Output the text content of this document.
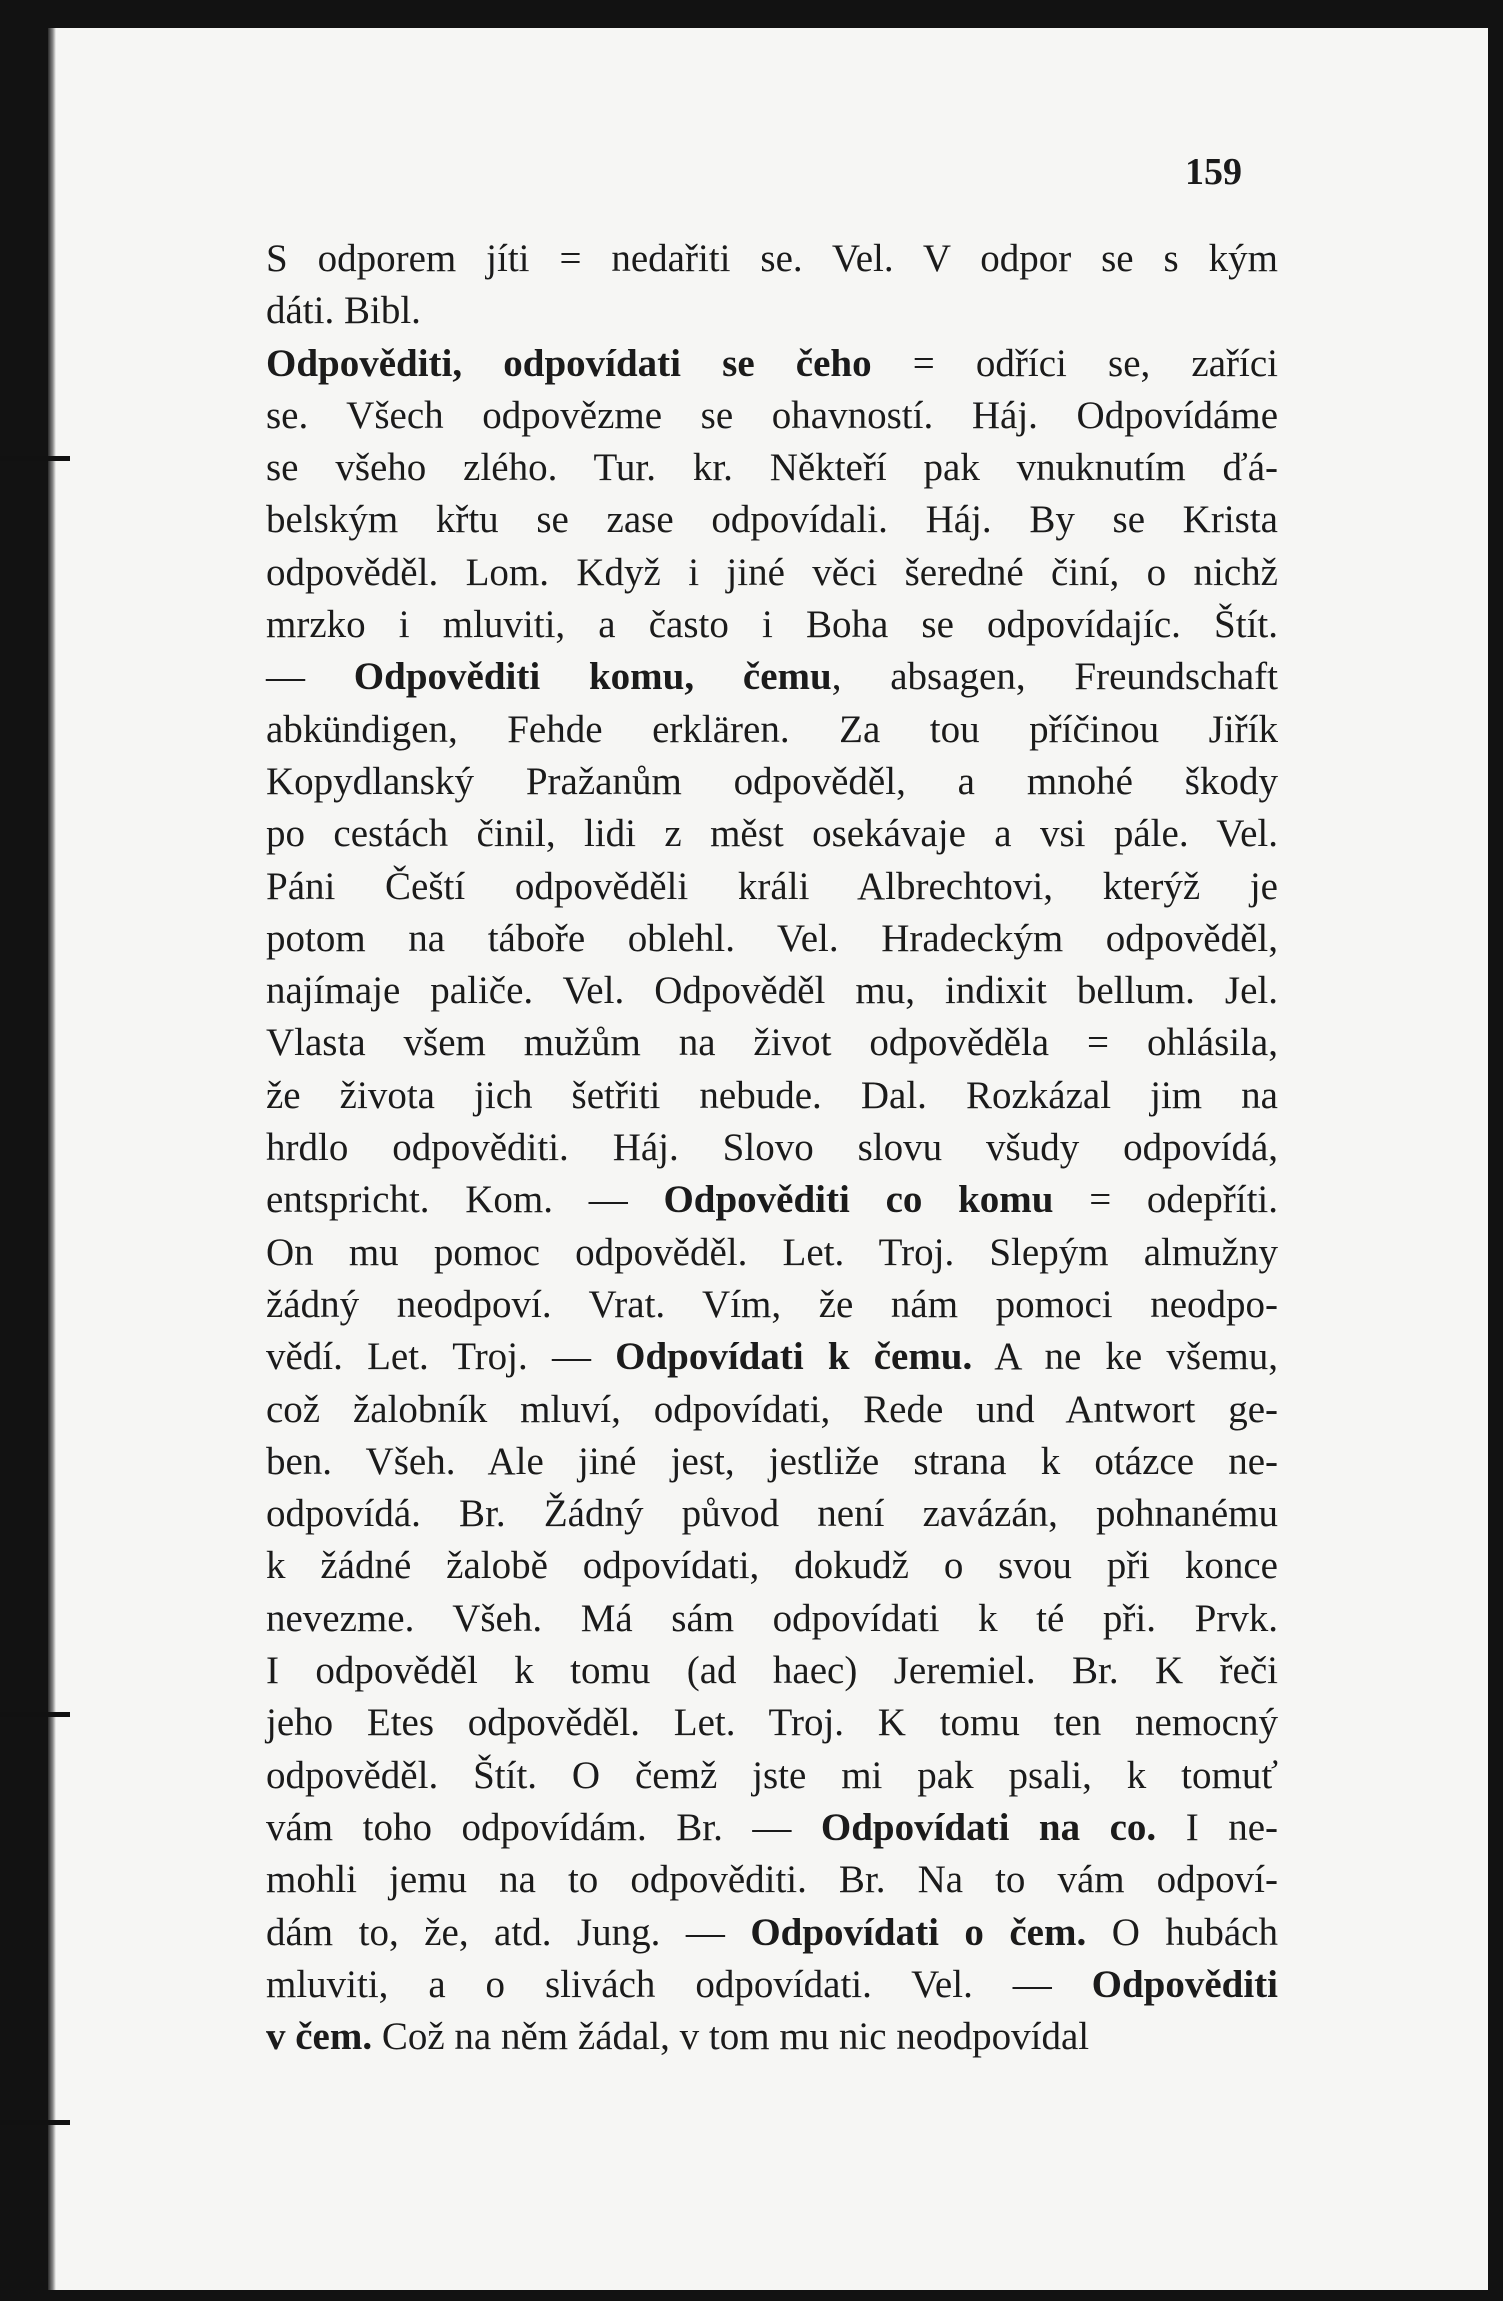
159
S odporem jíti = nedařiti se. Vel. V odpor se s kým
dáti. Bibl.
Odpověditi, odpovídati se čeho = odříci se, zaříci
se. Všech odpovězme se ohavností. Háj. Odpovídáme
se všeho zlého. Tur. kr. Někteří pak vnuknutím ďá-
belským křtu se zase odpovídali. Háj. By se Krista
odpověděl. Lom. Když i jiné věci šeredné činí, o nichž
mrzko i mluviti, a často i Boha se odpovídajíc. Štít.
— Odpověditi komu, čemu, absagen, Freundschaft
abkündigen, Fehde erklären. Za tou příčinou Jiřík
Kopydlanský Pražanům odpověděl, a mnohé škody
po cestách činil, lidi z měst osekávaje a vsi pále. Vel.
Páni Čeští odpověděli králi Albrechtovi, kterýž je
potom na táboře oblehl. Vel. Hradeckým odpověděl,
najímaje paliče. Vel. Odpověděl mu, indixit bellum. Jel.
Vlasta všem mužům na život odpověděla = ohlásila,
že života jich šetřiti nebude. Dal. Rozkázal jim na
hrdlo odpověditi. Háj. Slovo slovu všudy odpovídá,
entspricht. Kom. — Odpověditi co komu = odepříti.
On mu pomoc odpověděl. Let. Troj. Slepým almužny
žádný neodpoví. Vrat. Vím, že nám pomoci neodpo-
vědí. Let. Troj. — Odpovídati k čemu. A ne ke všemu,
což žalobník mluví, odpovídati, Rede und Antwort ge-
ben. Všeh. Ale jiné jest, jestliže strana k otázce ne-
odpovídá. Br. Žádný původ není zavázán, pohnanému
k žádné žalobě odpovídati, dokudž o svou při konce
nevezme. Všeh. Má sám odpovídati k té při. Prvk.
I odpověděl k tomu (ad haec) Jeremiel. Br. K řeči
jeho Etes odpověděl. Let. Troj. K tomu ten nemocný
odpověděl. Štít. O čemž jste mi pak psali, k tomuť
vám toho odpovídám. Br. — Odpovídati na co. I ne-
mohli jemu na to odpověditi. Br. Na to vám odpoví-
dám to, že, atd. Jung. — Odpovídati o čem. O hubách
mluviti, a o slivách odpovídati. Vel. — Odpověditi
v čem. Což na něm žádal, v tom mu nic neodpovídal
